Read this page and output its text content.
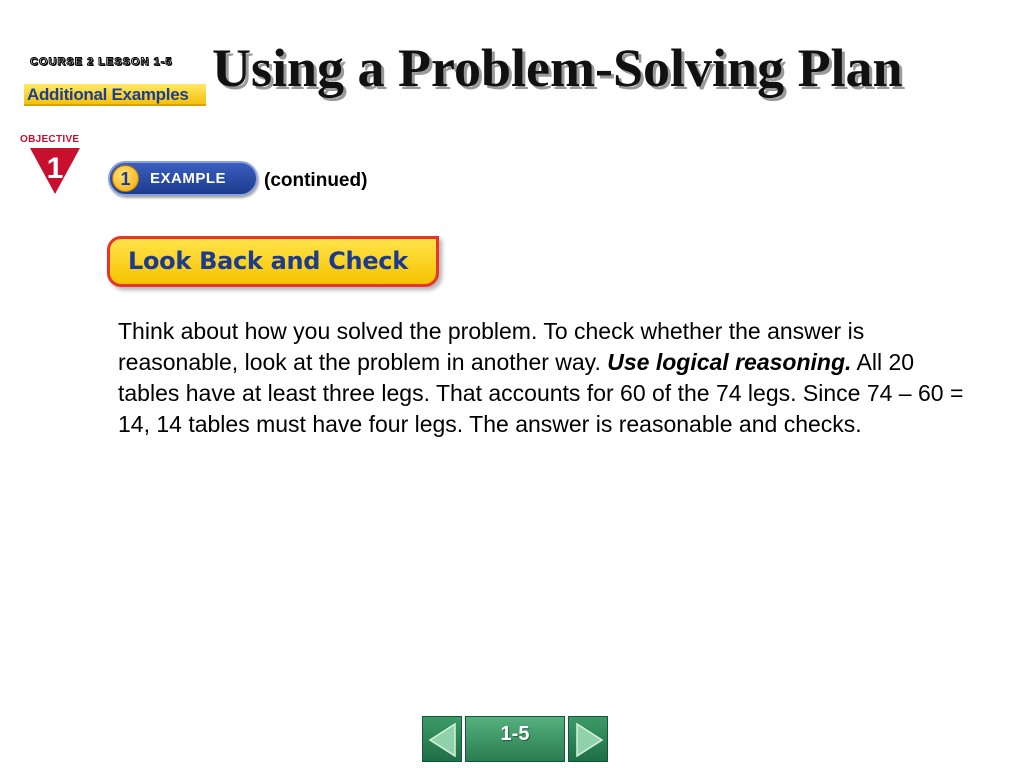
COURSE 2 LESSON 1-5
Additional Examples Using a Problem-Solving Plan
OBJECTIVE
1	1	EXAMPLE (continued)
Look Back and Check
Think about how you solved the problem. To check whether the answer is reasonable, look at the problem in another way. Use logical reasoning. All 20 tables have at least three legs. That accounts for 60 of the 74 legs. Since 74 – 60 = 14, 14 tables must have four legs. The answer is reasonable and checks.
1-5
